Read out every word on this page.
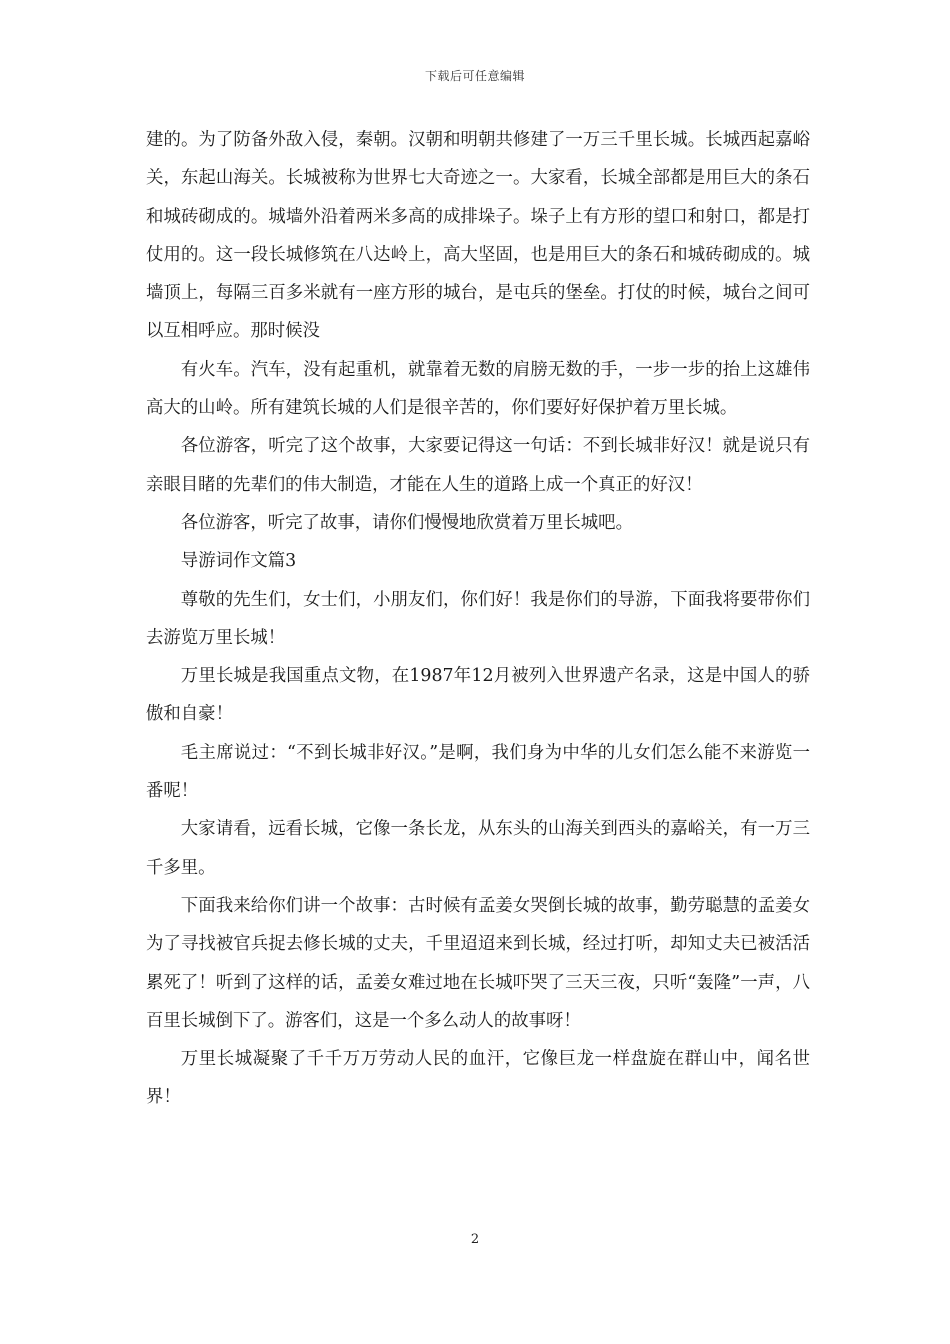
下载后可任意编辑

建的。为了防备外敌入侵，秦朝。汉朝和明朝共修建了一万三千里长城。长城西起嘉峪关，东起山海关。长城被称为世界七大奇迹之一。大家看，长城全部都是用巨大的条石和城砖砌成的。城墙外沿着两米多高的成排垛子。垛子上有方形的望口和射口，都是打仗用的。这一段长城修筑在八达岭上，高大坚固，也是用巨大的条石和城砖砌成的。城墙顶上，每隔三百多米就有一座方形的城台，是屯兵的堡垒。打仗的时候，城台之间可以互相呼应。那时候没

有火车。汽车，没有起重机，就靠着无数的肩膀无数的手，一步一步的抬上这雄伟高大的山岭。所有建筑长城的人们是很辛苦的，你们要好好保护着万里长城。

各位游客，听完了这个故事，大家要记得这一句话：不到长城非好汉！就是说只有亲眼目睹的先辈们的伟大制造，才能在人生的道路上成一个真正的好汉！

各位游客，听完了故事，请你们慢慢地欣赏着万里长城吧。

导游词作文篇3

尊敬的先生们，女士们，小朋友们，你们好！我是你们的导游，下面我将要带你们去游览万里长城！

万里长城是我国重点文物，在1987年12月被列入世界遗产名录，这是中国人的骄傲和自豪！

毛主席说过：“不到长城非好汉。”是啊，我们身为中华的儿女们怎么能不来游览一番呢！

大家请看，远看长城，它像一条长龙，从东头的山海关到西头的嘉峪关，有一万三千多里。

下面我来给你们讲一个故事：古时候有孟姜女哭倒长城的故事，勤劳聪慧的孟姜女为了寻找被官兵捉去修长城的丈夫，千里迢迢来到长城，经过打听，却知丈夫已被活活累死了！听到了这样的话，孟姜女难过地在长城吓哭了三天三夜，只听“轰隆”一声，八百里长城倒下了。游客们，这是一个多么动人的故事呀！

万里长城凝聚了千千万万劳动人民的血汗，它像巨龙一样盘旋在群山中，闻名世界！

2
